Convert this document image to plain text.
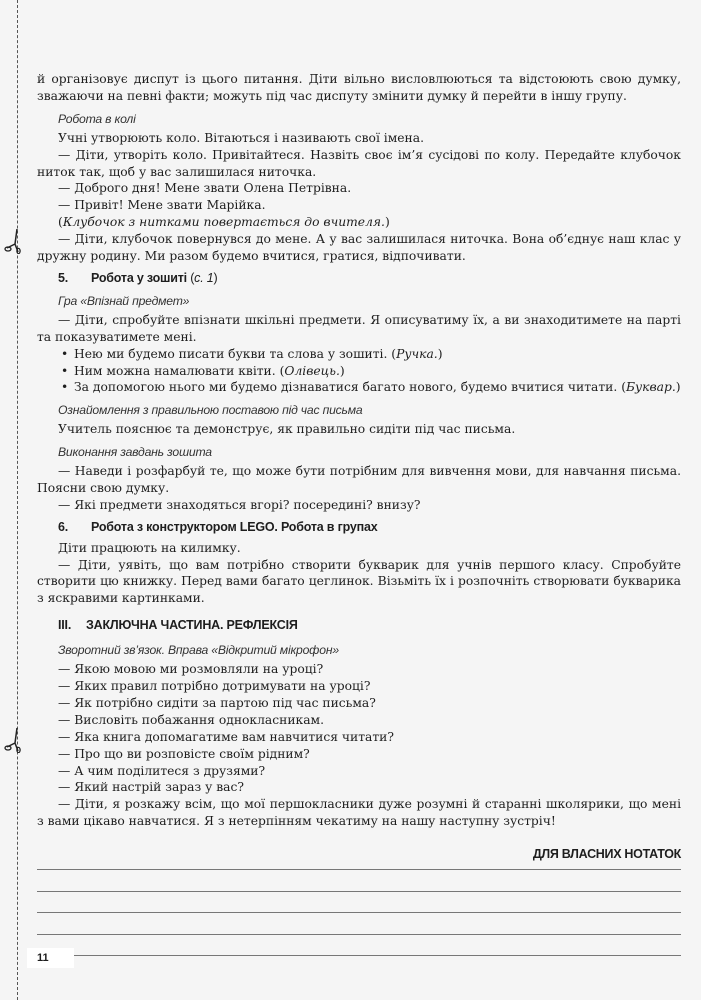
й організовує диспут із цього питання. Діти вільно висловлюються та відстоюють свою думку, зважаючи на певні факти; можуть під час диспуту змінити думку й перейти в іншу групу.

Робота в колі

Учні утворюють коло. Вітаються і називають свої імена.

— Діти, утворіть коло. Привітайтеся. Назвіть своє ім’я сусідові по колу. Передайте клубочок ниток так, щоб у вас залишилася ниточка.

— Доброго дня! Мене звати Олена Петрівна.

— Привіт! Мене звати Марійка.

(Клубочок з нитками повертається до вчителя.)

— Діти, клубочок повернувся до мене. А у вас залишилася ниточка. Вона об’єднує наш клас у дружну родину. Ми разом будемо вчитися, гратися, відпочивати.

5. Робота у зошиті (с. 1)

Гра «Впізнай предмет»

— Діти, спробуйте впізнати шкільні предмети. Я описуватиму їх, а ви знаходитимете на парті та показуватимете мені.

• Нею ми будемо писати букви та слова у зошиті. (Ручка.)
• Ним можна намалювати квіти. (Олівець.)
• За допомогою нього ми будемо дізнаватися багато нового, будемо вчитися читати. (Буквар.)

Ознайомлення з правильною поставою під час письма

Учитель пояснює та демонструє, як правильно сидіти під час письма.

Виконання завдань зошита

— Наведи і розфарбуй те, що може бути потрібним для вивчення мови, для навчання письма. Поясни свою думку.

— Які предмети знаходяться вгорі? посередині? внизу?

6. Робота з конструктором LEGO. Робота в групах

Діти працюють на килимку.

— Діти, уявіть, що вам потрібно створити букварик для учнів першого класу. Спробуйте створити цю книжку. Перед вами багато цеглинок. Візьміть їх і розпочніть створювати букварика з яскравими картинками.

III. ЗАКЛЮЧНА ЧАСТИНА. РЕФЛЕКСІЯ

Зворотний зв’язок. Вправа «Відкритий мікрофон»

— Якою мовою ми розмовляли на уроці?

— Яких правил потрібно дотримувати на уроці?

— Як потрібно сидіти за партою під час письма?

— Висловіть побажання однокласникам.

— Яка книга допомагатиме вам навчитися читати?

— Про що ви розповісте своїм рідним?

— А чим поділитеся з друзями?

— Який настрій зараз у вас?

— Діти, я розкажу всім, що мої першокласники дуже розумні й старанні школярики, що мені з вами цікаво навчатися. Я з нетерпінням чекатиму на нашу наступну зустріч!

ДЛЯ ВЛАСНИХ НОТАТОК

11
